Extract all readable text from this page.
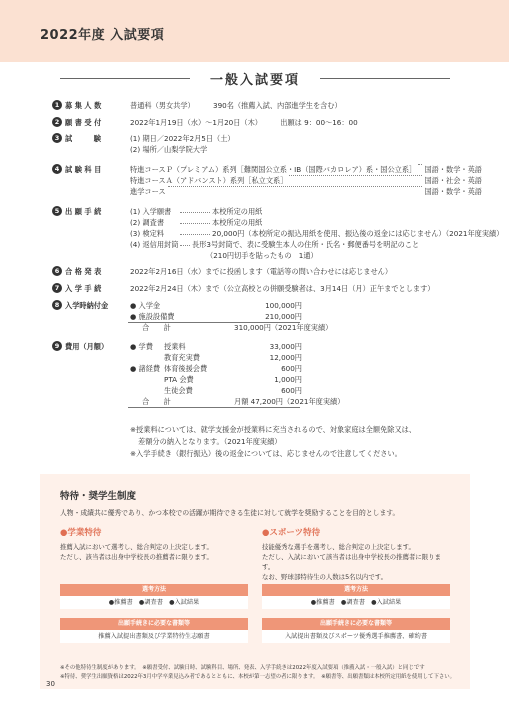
2022年度 入試要項
一般入試要項
1 募 集 人 数	普通科（男女共学）	390名（推薦入試、内部進学生を含む）
2 願 書 受 付	2022年1月19日（水）～1月20日（木）	出願は 9：00～16：00
3 試　　　験	(1) 期日／2022年2月5日（土）
(2) 場所／山梨学院大学
4 試 験 科 目	特進コースＰ（プレミアム）系列［難関国公立系・IB（国際バカロレア）系・国公立系］ 国語・数学・英語
特進コースＡ（アドバンスト）系列［私立文系］	国語・社会・英語
進学コース	国語・数学・英語
5 出 願 手 続	(1) 入学願書	本校所定の用紙
(2) 調査書	本校所定の用紙
(3) 検定料	20,000円（本校所定の振込用紙を使用、振込後の返金には応じません）（2021年度実績）
(4) 返信用封筒 長形3号封筒で、表に受験生本人の住所・氏名・郵便番号を明記のこと
（210円切手を貼ったもの　1通）
6 合 格 発 表	2022年2月16日（水）までに投函します（電話等の問い合わせには応じません）
7 入 学 手 続	2022年2月24日（木）まで（公立高校との併願受験者は、3月14日（月）正午までとします）
8 入学時納付金	● 入学金	100,000円
● 施設設備費	210,000円
合　　計	310,000円（2021年度実績）
9 費用（月額）	● 学費 授業料	33,000円
教育充実費	12,000円
● 諸経費 体育後援会費	600円
PTA 会費	1,000円
生徒会費	600円
合　　計	月額 47,200円（2021年度実績）
※授業料については、就学支援金が授業料に充当されるので、対象家庭は全額免除又は、
差額分の納入となります。（2021年度実績）
※入学手続き（銀行振込）後の返金については、応じませんので注意してください。
特待・奨学生制度
人物・成績共に優秀であり、かつ本校での活躍が期待できる生徒に対して就学を奨励することを目的とします。
●学業特待
推薦入試において選考し、総合判定の上決定します。
ただし、該当者は出身中学校長の推薦者に限ります。
選考方法
●推薦書　●調査書　●入試結果
出願手続きに必要な書類等
推薦入試提出書類及び学業特待生志願書
●スポーツ特待
技能優秀な選手を選考し、総合判定の上決定します。
ただし、入試において該当者は出身中学校長の推薦者に限ります。
なお、野球部特待生の人数は5名以内です。
選考方法
●推薦書　●調査書　●入試結果
出願手続きに必要な書類等
入試提出書類及びスポーツ優秀選手推薦書、確約書
※その他特待生制度があります。　※願書受付、試験日時、試験科目、場所、発表、入学手続きは2022年度入試要項（推薦入試・一般入試）と同じです
※特待、奨学生出願資格は2022年3月中学卒業見込み者であるとともに、本校が第一志望の者に限ります。　※願書等、出願書類は本校所定用紙を使用して下さい。
30
